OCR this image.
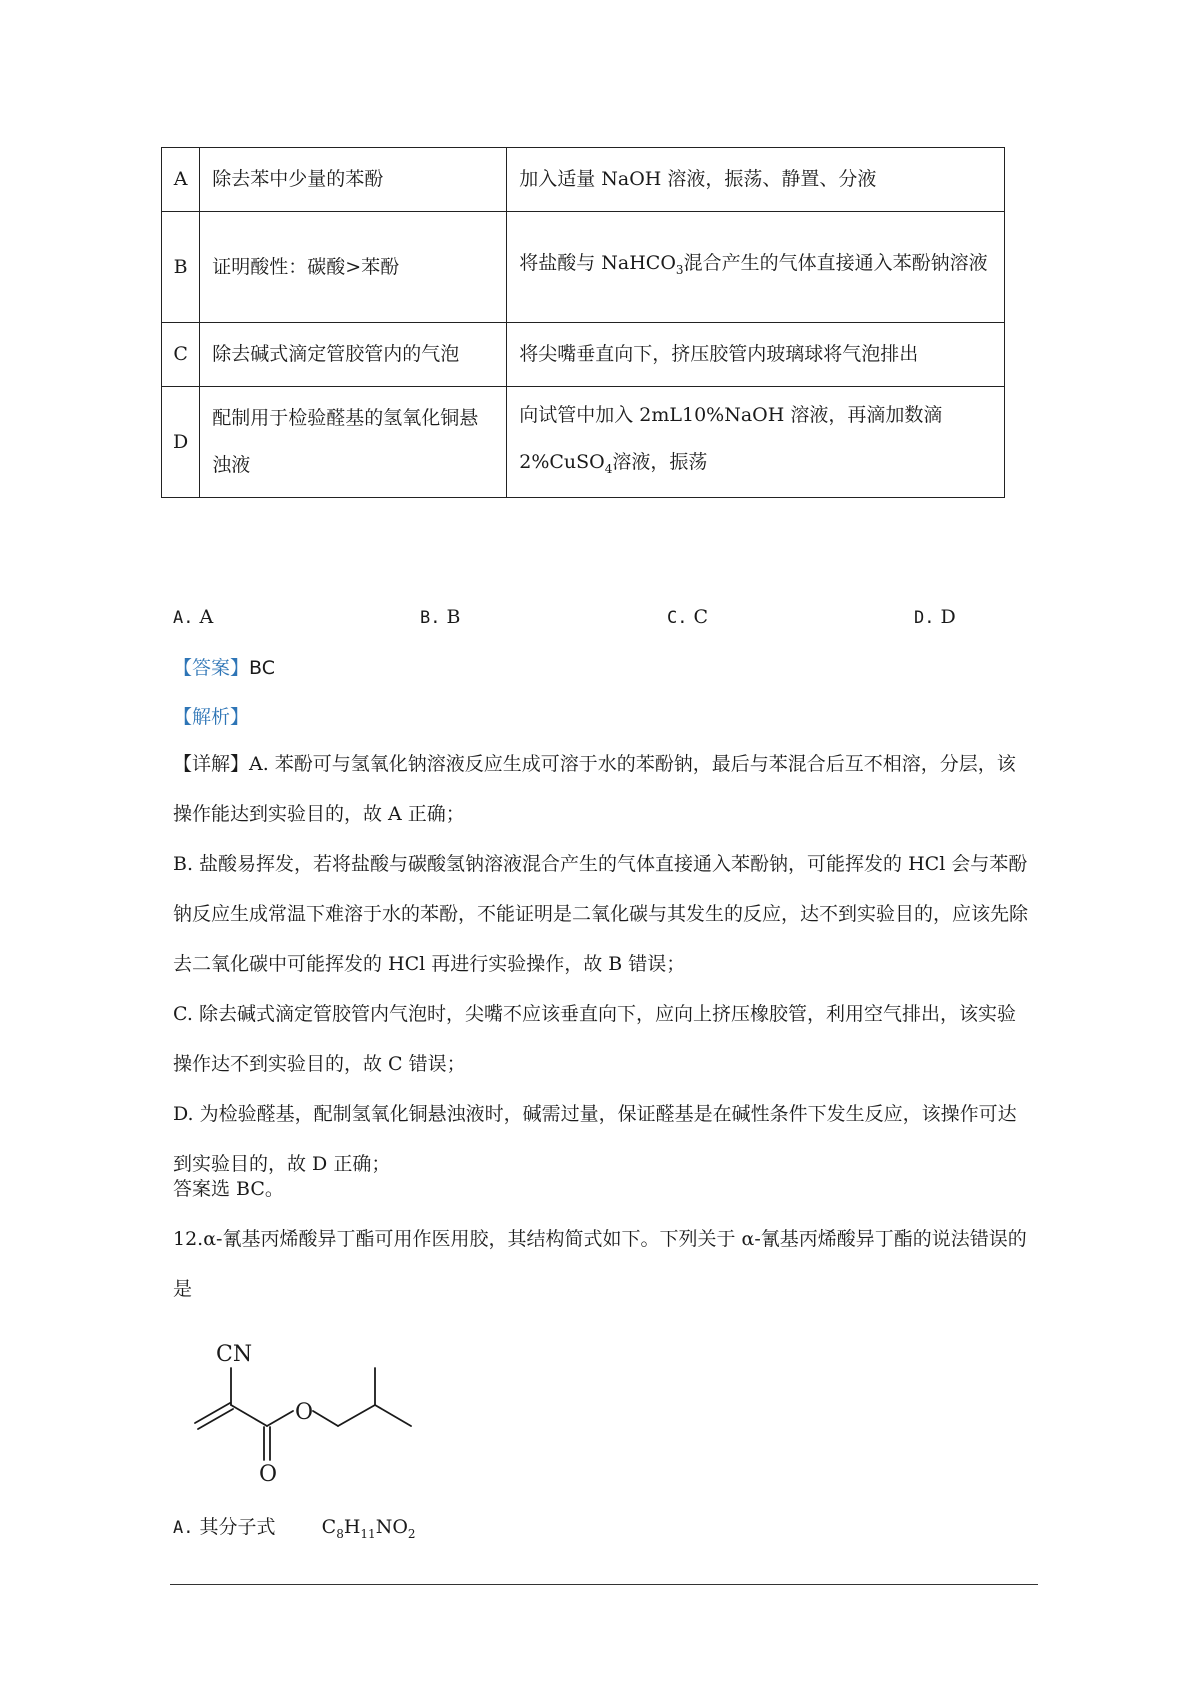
A	除去苯中少量的苯酚	加入适量 NaOH 溶液，振荡、静置、分液
B	证明酸性：碳酸>苯酚	将盐酸与 NaHCO$_3$混合产生的气体直接通入苯酚钠溶液
C	除去碱式滴定管胶管内的气泡	将尖嘴垂直向下，挤压胶管内玻璃球将气泡排出
D	配制用于检验醛基的氢氧化铜悬浊液	向试管中加入 2mL10%NaOH 溶液，再滴加数滴 2%CuSO$_4$溶液，振荡
A. A	B. B	C. C	D. D
【答案】BC
【解析】
【详解】A. 苯酚可与氢氧化钠溶液反应生成可溶于水的苯酚钠，最后与苯混合后互不相溶，分层，该操作能达到实验目的，故 A 正确；
B. 盐酸易挥发，若将盐酸与碳酸氢钠溶液混合产生的气体直接通入苯酚钠，可能挥发的 HCl 会与苯酚钠反应生成常温下难溶于水的苯酚，不能证明是二氧化碳与其发生的反应，达不到实验目的，应该先除去二氧化碳中可能挥发的 HCl 再进行实验操作，故 B 错误；
C. 除去碱式滴定管胶管内气泡时，尖嘴不应该垂直向下，应向上挤压橡胶管，利用空气排出，该实验操作达不到实验目的，故 C 错误；
D. 为检验醛基，配制氢氧化铜悬浊液时，碱需过量，保证醛基是在碱性条件下发生反应，该操作可达到实验目的，故 D 正确；
答案选 BC。
12.α-氰基丙烯酸异丁酯可用作医用胶，其结构简式如下。下列关于 α-氰基丙烯酸异丁酯的说法错误的是
CN
O
O
A. 其分子式 $C_8H_{11}NO_2$
